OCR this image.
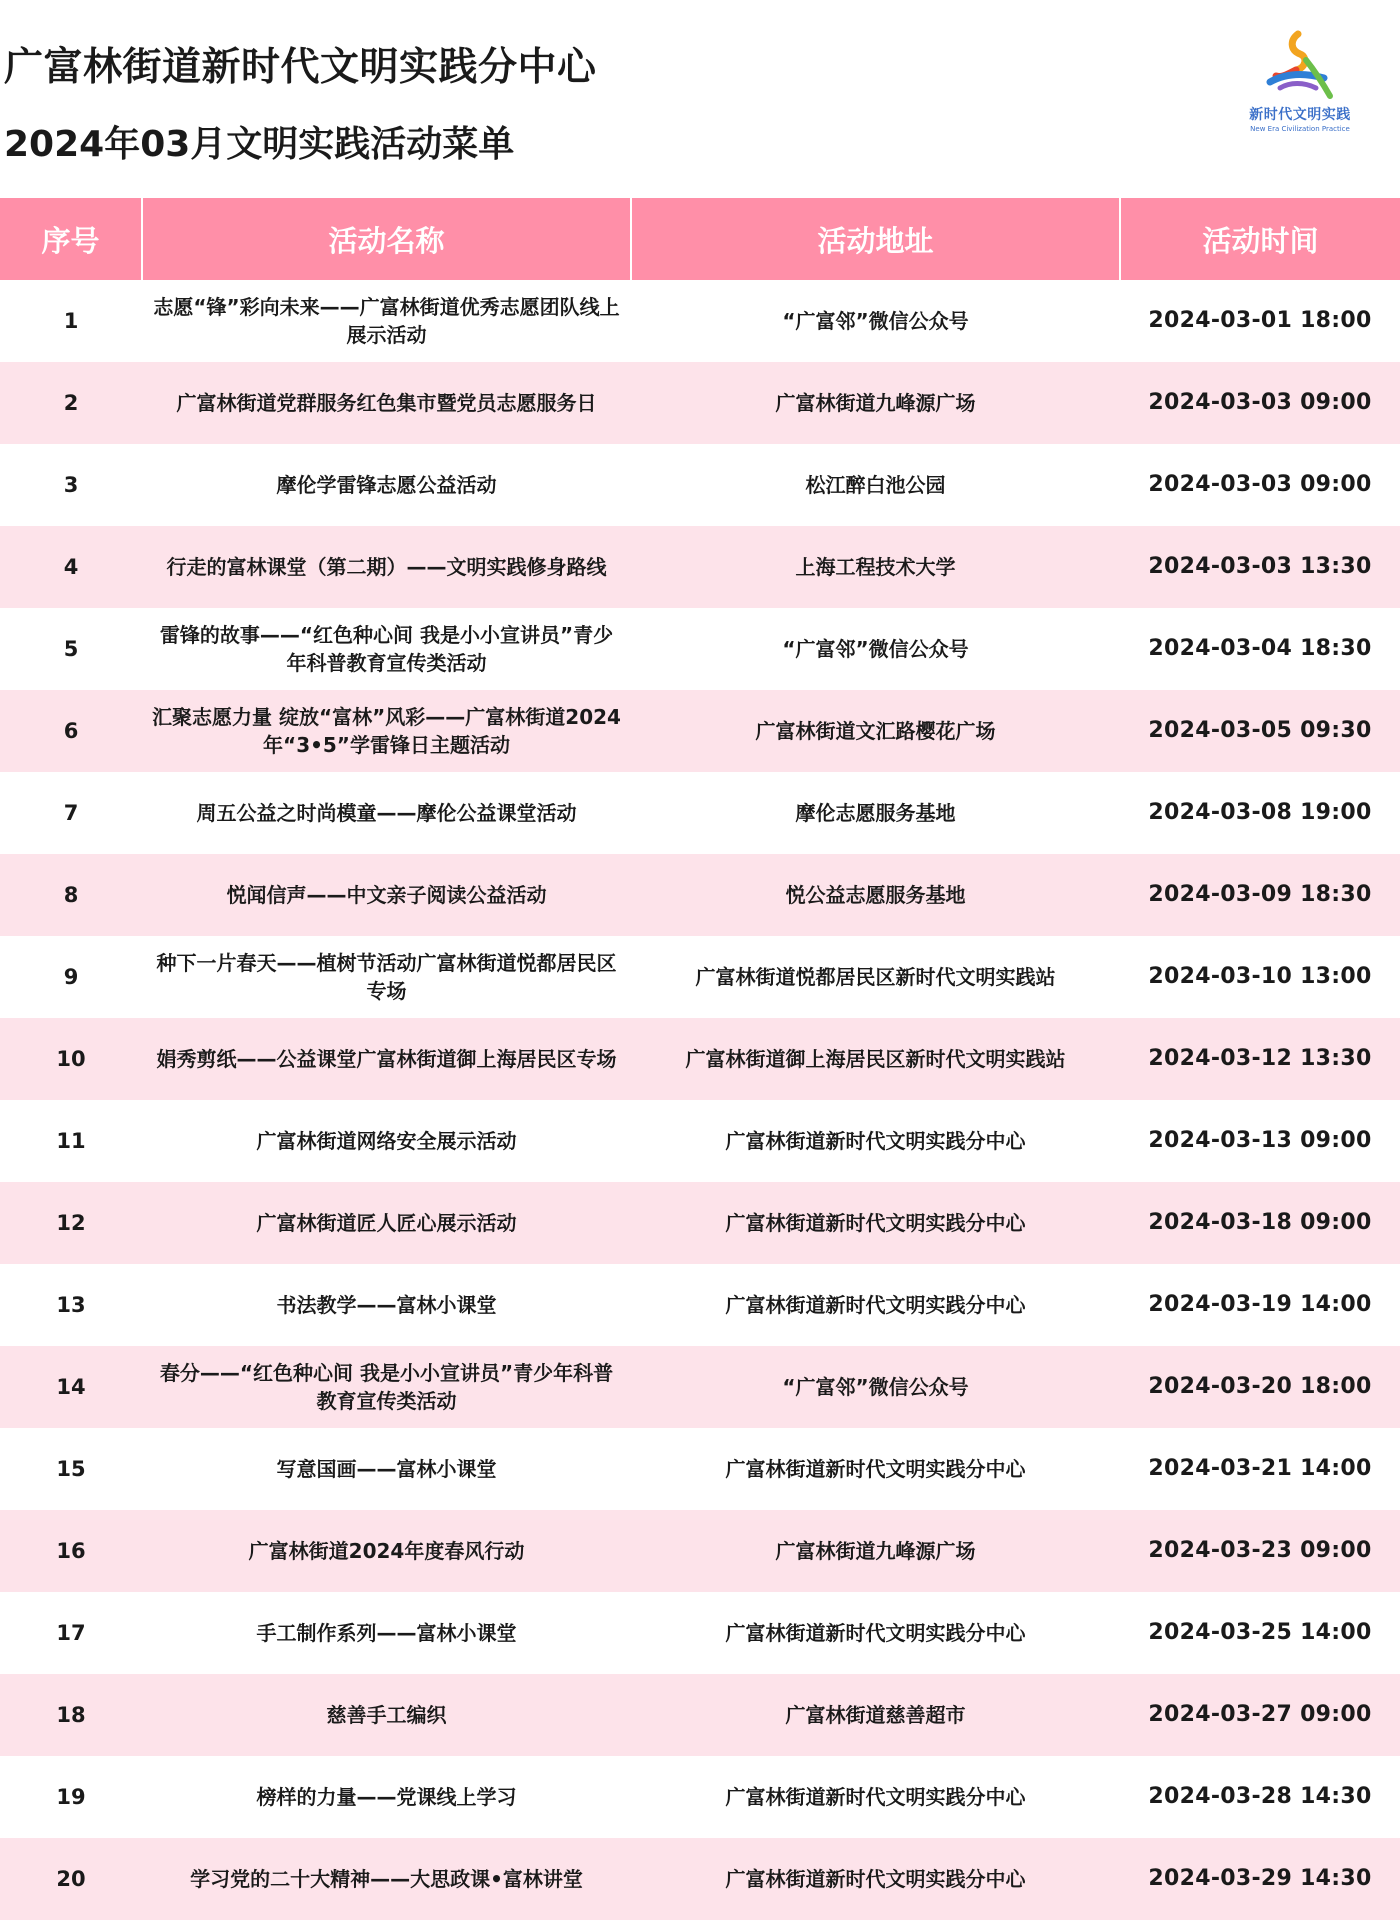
广富林街道新时代文明实践分中心
2024年03月文明实践活动菜单
新时代文明实践
New Era Civilization Practice
序号	活动名称	活动地址	活动时间
1	志愿“锋”彩向未来——广富林街道优秀志愿团队线上展示活动	“广富邻”微信公众号	2024-03-01 18:00
2	广富林街道党群服务红色集市暨党员志愿服务日	广富林街道九峰源广场	2024-03-03 09:00
3	摩伦学雷锋志愿公益活动	松江醉白池公园	2024-03-03 09:00
4	行走的富林课堂（第二期）——文明实践修身路线	上海工程技术大学	2024-03-03 13:30
5	雷锋的故事——“红色种心间 我是小小宣讲员”青少年科普教育宣传类活动	“广富邻”微信公众号	2024-03-04 18:30
6	汇聚志愿力量 绽放“富林”风彩——广富林街道2024年“3•5”学雷锋日主题活动	广富林街道文汇路樱花广场	2024-03-05 09:30
7	周五公益之时尚模童——摩伦公益课堂活动	摩伦志愿服务基地	2024-03-08 19:00
8	悦闻信声——中文亲子阅读公益活动	悦公益志愿服务基地	2024-03-09 18:30
9	种下一片春天——植树节活动广富林街道悦都居民区专场	广富林街道悦都居民区新时代文明实践站	2024-03-10 13:00
10	娟秀剪纸——公益课堂广富林街道御上海居民区专场	广富林街道御上海居民区新时代文明实践站	2024-03-12 13:30
11	广富林街道网络安全展示活动	广富林街道新时代文明实践分中心	2024-03-13 09:00
12	广富林街道匠人匠心展示活动	广富林街道新时代文明实践分中心	2024-03-18 09:00
13	书法教学——富林小课堂	广富林街道新时代文明实践分中心	2024-03-19 14:00
14	春分——“红色种心间 我是小小宣讲员”青少年科普教育宣传类活动	“广富邻”微信公众号	2024-03-20 18:00
15	写意国画——富林小课堂	广富林街道新时代文明实践分中心	2024-03-21 14:00
16	广富林街道2024年度春风行动	广富林街道九峰源广场	2024-03-23 09:00
17	手工制作系列——富林小课堂	广富林街道新时代文明实践分中心	2024-03-25 14:00
18	慈善手工编织	广富林街道慈善超市	2024-03-27 09:00
19	榜样的力量——党课线上学习	广富林街道新时代文明实践分中心	2024-03-28 14:30
20	学习党的二十大精神——大思政课•富林讲堂	广富林街道新时代文明实践分中心	2024-03-29 14:30
